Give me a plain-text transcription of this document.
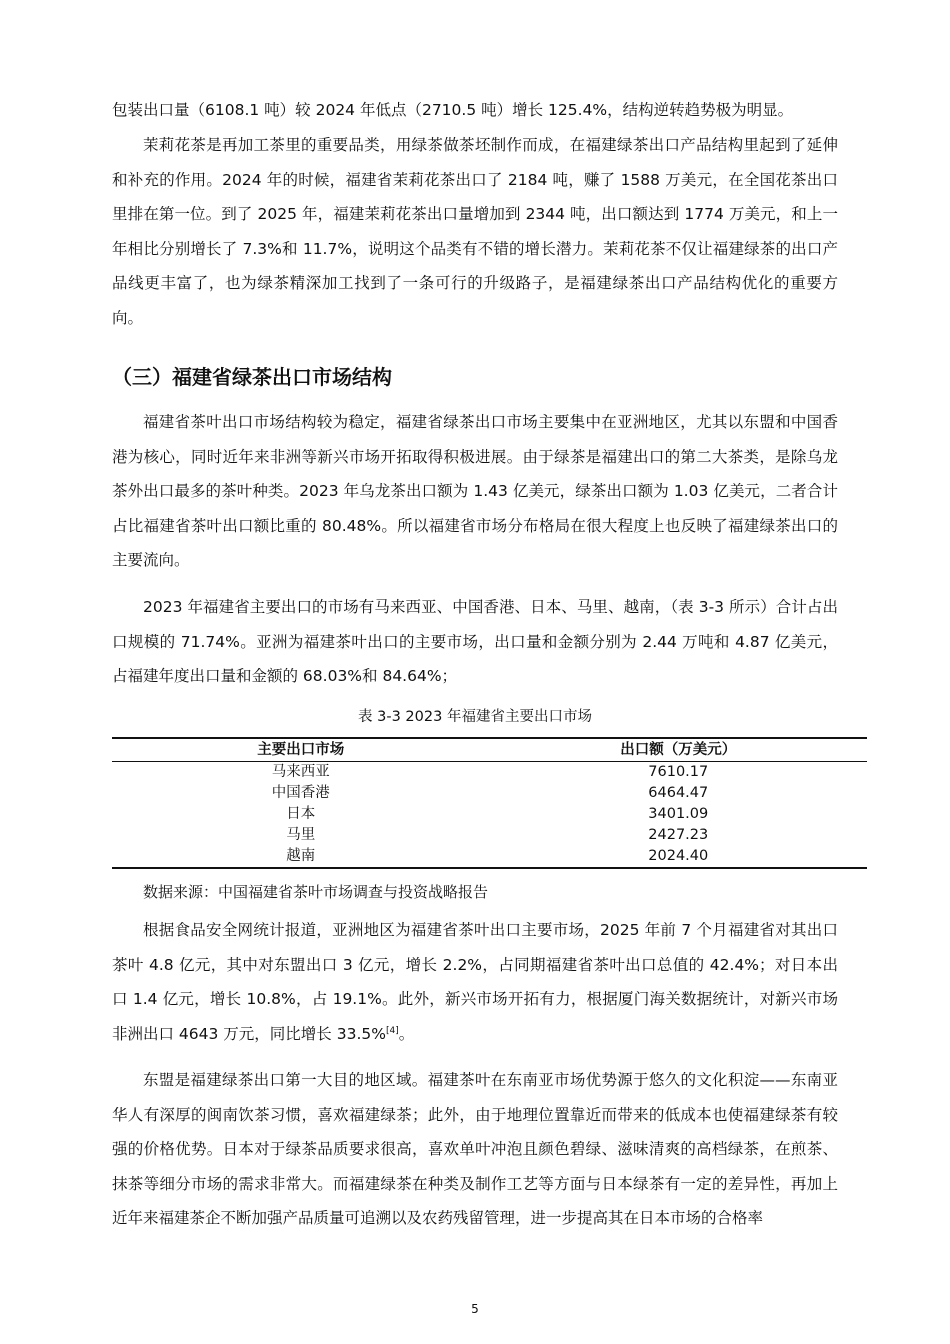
包装出口量（6108.1 吨）较 2024 年低点（2710.5 吨）增长 125.4%，结构逆转趋势极为明显。

茉莉花茶是再加工茶里的重要品类，用绿茶做茶坯制作而成，在福建绿茶出口产品结构里起到了延伸和补充的作用。2024 年的时候，福建省茉莉花茶出口了 2184 吨，赚了 1588 万美元，在全国花茶出口里排在第一位。到了 2025 年，福建茉莉花茶出口量增加到 2344 吨，出口额达到 1774 万美元，和上一年相比分别增长了 7.3%和 11.7%，说明这个品类有不错的增长潜力。茉莉花茶不仅让福建绿茶的出口产品线更丰富了，也为绿茶精深加工找到了一条可行的升级路子，是福建绿茶出口产品结构优化的重要方向。

（三）福建省绿茶出口市场结构

福建省茶叶出口市场结构较为稳定，福建省绿茶出口市场主要集中在亚洲地区，尤其以东盟和中国香港为核心，同时近年来非洲等新兴市场开拓取得积极进展。由于绿茶是福建出口的第二大茶类，是除乌龙茶外出口最多的茶叶种类。2023 年乌龙茶出口额为 1.43 亿美元，绿茶出口额为 1.03 亿美元，二者合计占比福建省茶叶出口额比重的 80.48%。所以福建省市场分布格局在很大程度上也反映了福建绿茶出口的主要流向。

2023 年福建省主要出口的市场有马来西亚、中国香港、日本、马里、越南，（表 3-3 所示）合计占出口规模的 71.74%。亚洲为福建茶叶出口的主要市场，出口量和金额分别为 2.44 万吨和 4.87 亿美元，占福建年度出口量和金额的 68.03%和 84.64%；

表 3-3 2023 年福建省主要出口市场

主要出口市场	出口额（万美元）
马来西亚	7610.17
中国香港	6464.47
日本	3401.09
马里	2427.23
越南	2024.40

数据来源：中国福建省茶叶市场调查与投资战略报告

根据食品安全网统计报道，亚洲地区为福建省茶叶出口主要市场，2025 年前 7 个月福建省对其出口茶叶 4.8 亿元，其中对东盟出口 3 亿元，增长 2.2%，占同期福建省茶叶出口总值的 42.4%；对日本出口 1.4 亿元，增长 10.8%，占 19.1%。此外，新兴市场开拓有力，根据厦门海关数据统计，对新兴市场非洲出口 4643 万元，同比增长 33.5%[4]。

东盟是福建绿茶出口第一大目的地区域。福建茶叶在东南亚市场优势源于悠久的文化积淀——东南亚华人有深厚的闽南饮茶习惯，喜欢福建绿茶；此外，由于地理位置靠近而带来的低成本也使福建绿茶有较强的价格优势。日本对于绿茶品质要求很高，喜欢单叶冲泡且颜色碧绿、滋味清爽的高档绿茶，在煎茶、抹茶等细分市场的需求非常大。而福建绿茶在种类及制作工艺等方面与日本绿茶有一定的差异性，再加上近年来福建茶企不断加强产品质量可追溯以及农药残留管理，进一步提高其在日本市场的合格率

5
